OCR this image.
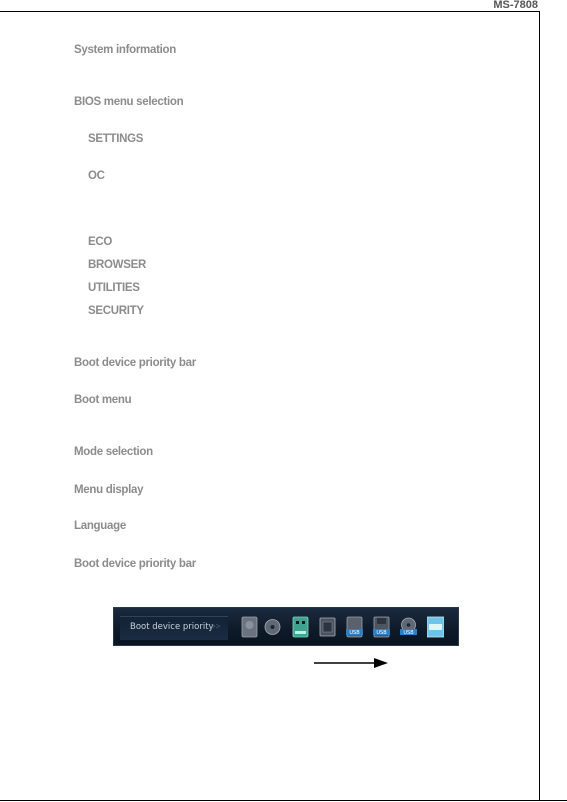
MS-7808
System information
BIOS menu selection
SETTINGS
OC
ECO
BROWSER
UTILITIES
SECURITY
Boot device priority bar
Boot menu
Mode selection
Menu display
Language
Boot device priority bar
Boot device priority
>>
USB	USB	USB
